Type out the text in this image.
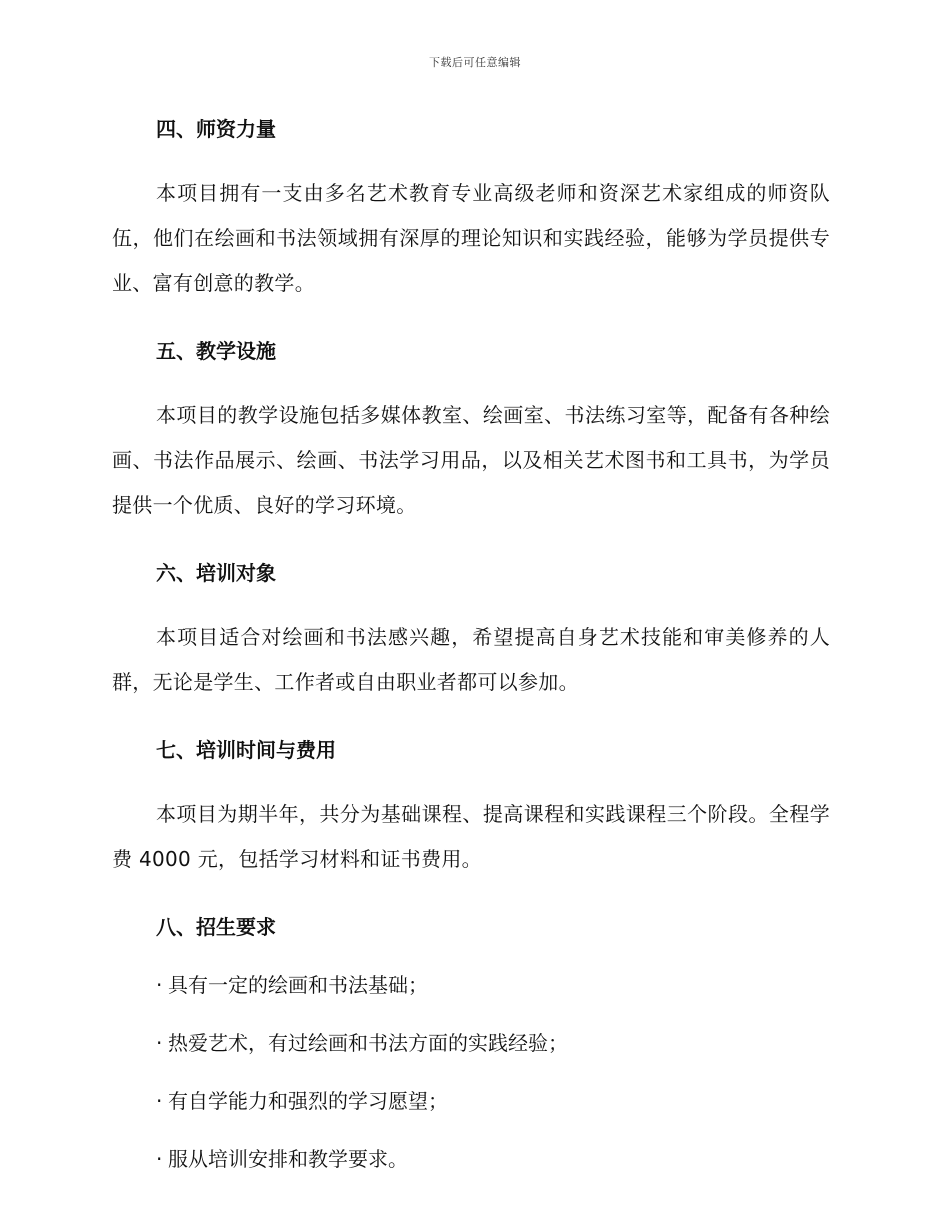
下载后可任意编辑
四、师资力量

本项目拥有一支由多名艺术教育专业高级老师和资深艺术家组成的师资队伍，他们在绘画和书法领域拥有深厚的理论知识和实践经验，能够为学员提供专业、富有创意的教学。

五、教学设施

本项目的教学设施包括多媒体教室、绘画室、书法练习室等，配备有各种绘画、书法作品展示、绘画、书法学习用品，以及相关艺术图书和工具书，为学员提供一个优质、良好的学习环境。

六、培训对象

本项目适合对绘画和书法感兴趣，希望提高自身艺术技能和审美修养的人群，无论是学生、工作者或自由职业者都可以参加。

七、培训时间与费用

本项目为期半年，共分为基础课程、提高课程和实践课程三个阶段。全程学费 4000 元，包括学习材料和证书费用。

八、招生要求
· 具有一定的绘画和书法基础；
· 热爱艺术，有过绘画和书法方面的实践经验；
· 有自学能力和强烈的学习愿望；
· 服从培训安排和教学要求。
